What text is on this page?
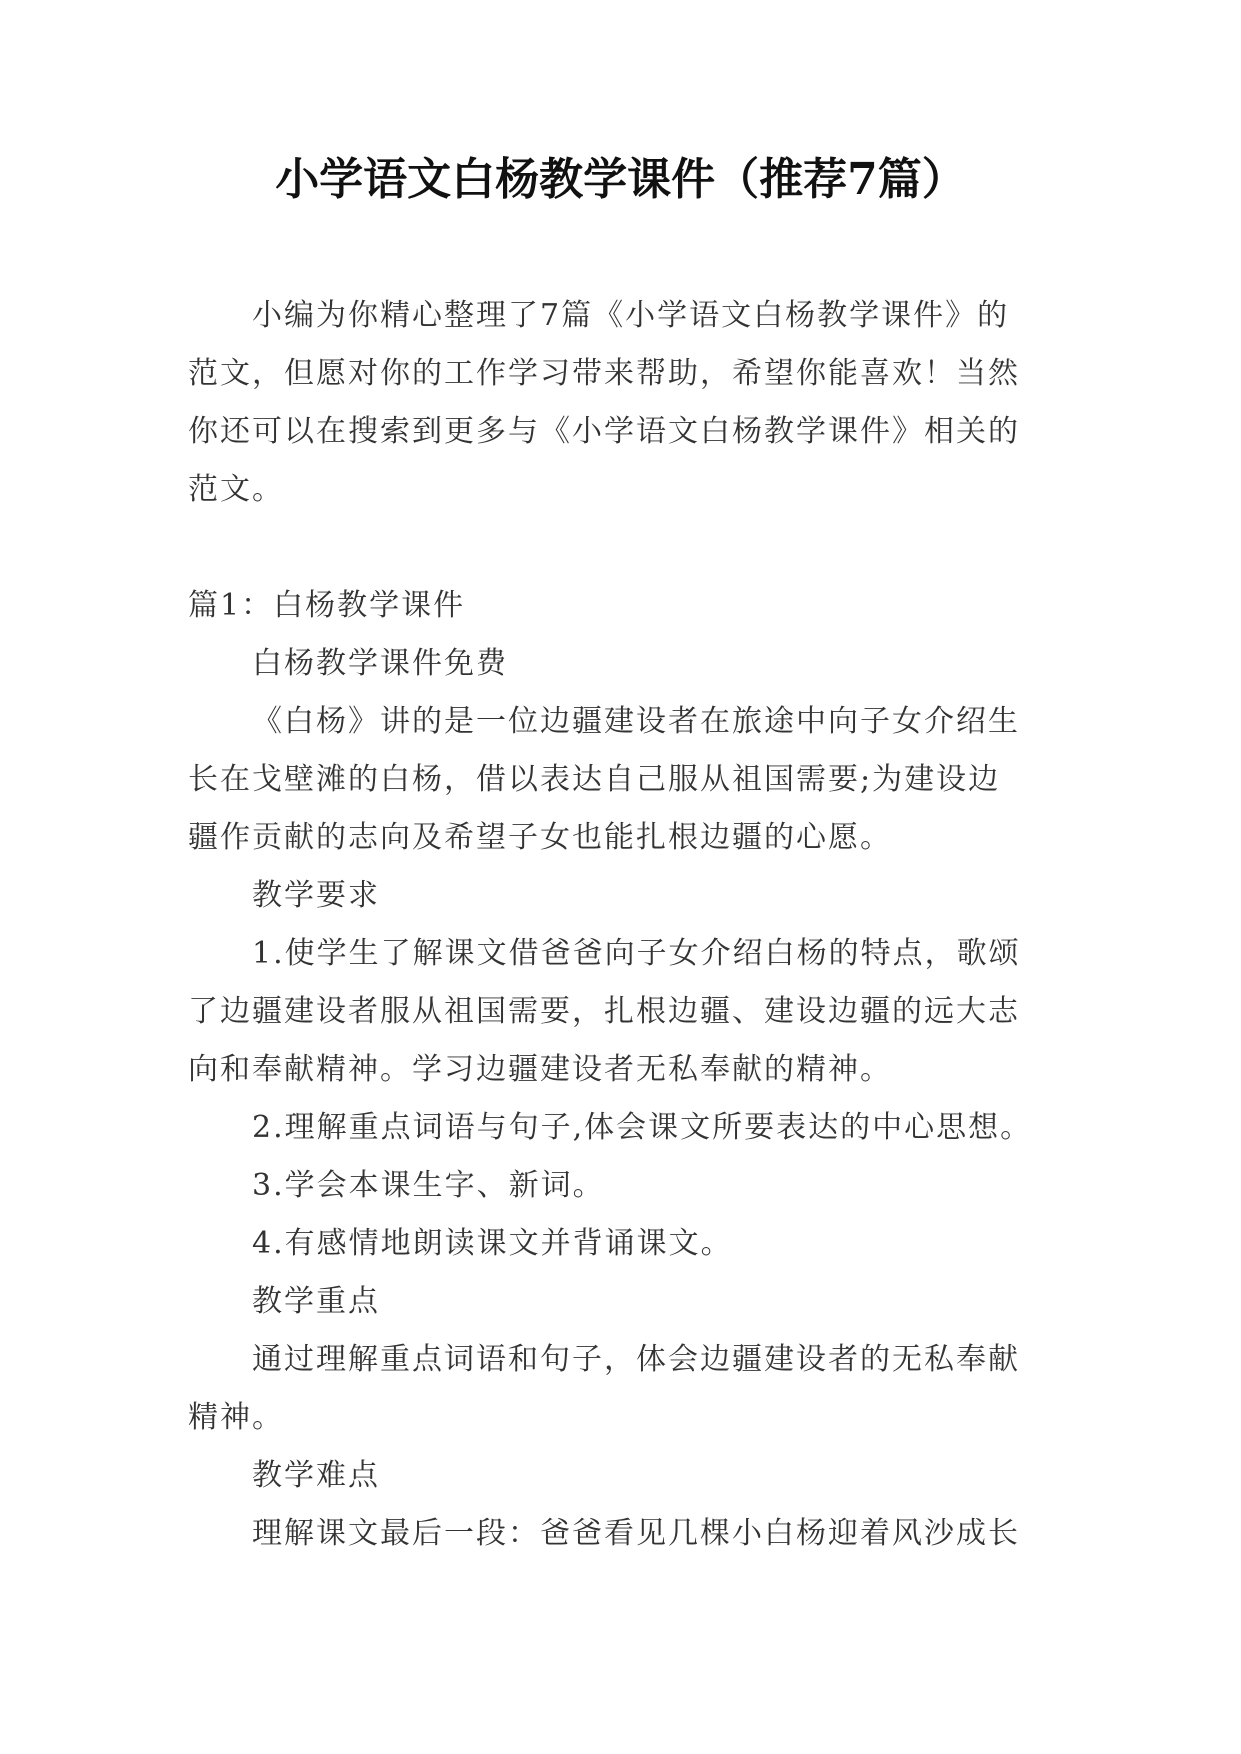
小学语文白杨教学课件（推荐7篇）

小编为你精心整理了7篇《小学语文白杨教学课件》的

范文，但愿对你的工作学习带来帮助，希望你能喜欢！当然

你还可以在搜索到更多与《小学语文白杨教学课件》相关的

范文。

篇1：白杨教学课件

白杨教学课件免费

《白杨》讲的是一位边疆建设者在旅途中向子女介绍生

长在戈壁滩的白杨，借以表达自己服从祖国需要;为建设边

疆作贡献的志向及希望子女也能扎根边疆的心愿。

教学要求

1.使学生了解课文借爸爸向子女介绍白杨的特点，歌颂

了边疆建设者服从祖国需要，扎根边疆、建设边疆的远大志

向和奉献精神。学习边疆建设者无私奉献的精神。

2.理解重点词语与句子,体会课文所要表达的中心思想。

3.学会本课生字、新词。

4.有感情地朗读课文并背诵课文。

教学重点

通过理解重点词语和句子，体会边疆建设者的无私奉献

精神。

教学难点

理解课文最后一段：爸爸看见几棵小白杨迎着风沙成长
